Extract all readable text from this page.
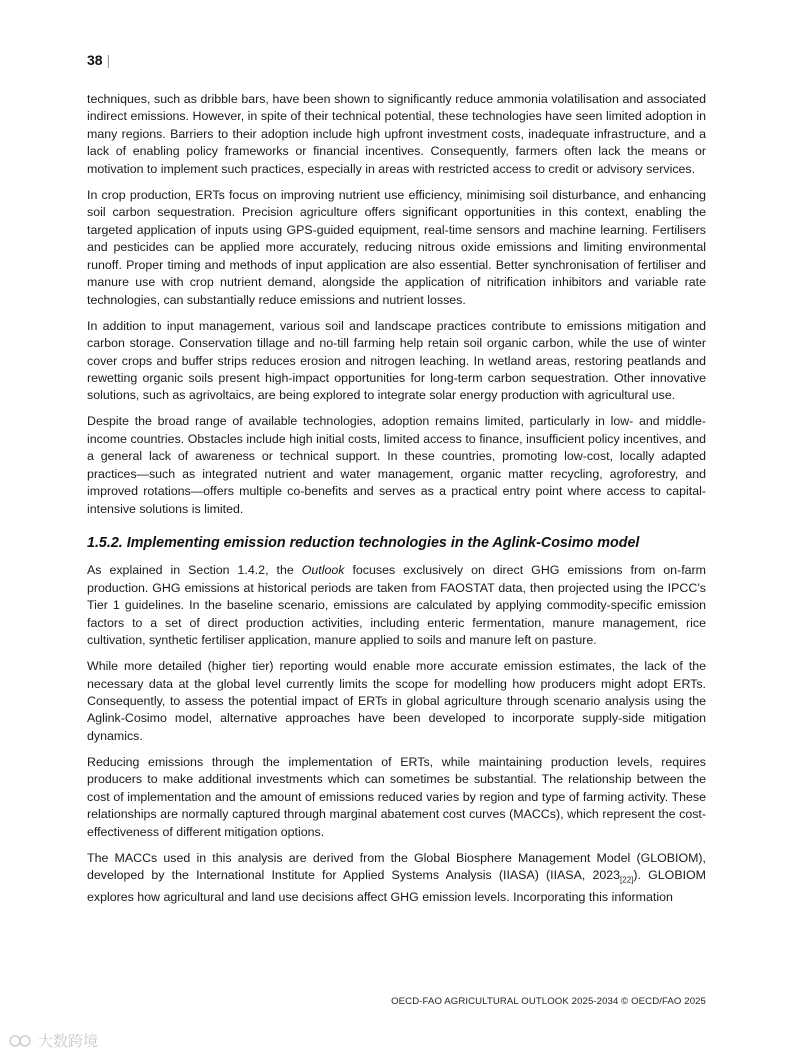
38 |

techniques, such as dribble bars, have been shown to significantly reduce ammonia volatilisation and associated indirect emissions. However, in spite of their technical potential, these technologies have seen limited adoption in many regions. Barriers to their adoption include high upfront investment costs, inadequate infrastructure, and a lack of enabling policy frameworks or financial incentives. Consequently, farmers often lack the means or motivation to implement such practices, especially in areas with restricted access to credit or advisory services.

In crop production, ERTs focus on improving nutrient use efficiency, minimising soil disturbance, and enhancing soil carbon sequestration. Precision agriculture offers significant opportunities in this context, enabling the targeted application of inputs using GPS-guided equipment, real-time sensors and machine learning. Fertilisers and pesticides can be applied more accurately, reducing nitrous oxide emissions and limiting environmental runoff. Proper timing and methods of input application are also essential. Better synchronisation of fertiliser and manure use with crop nutrient demand, alongside the application of nitrification inhibitors and variable rate technologies, can substantially reduce emissions and nutrient losses.

In addition to input management, various soil and landscape practices contribute to emissions mitigation and carbon storage. Conservation tillage and no-till farming help retain soil organic carbon, while the use of winter cover crops and buffer strips reduces erosion and nitrogen leaching. In wetland areas, restoring peatlands and rewetting organic soils present high-impact opportunities for long-term carbon sequestration. Other innovative solutions, such as agrivoltaics, are being explored to integrate solar energy production with agricultural use.

Despite the broad range of available technologies, adoption remains limited, particularly in low- and middle-income countries. Obstacles include high initial costs, limited access to finance, insufficient policy incentives, and a general lack of awareness or technical support. In these countries, promoting low-cost, locally adapted practices—such as integrated nutrient and water management, organic matter recycling, agroforestry, and improved rotations—offers multiple co-benefits and serves as a practical entry point where access to capital-intensive solutions is limited.

1.5.2. Implementing emission reduction technologies in the Aglink-Cosimo model

As explained in Section 1.4.2, the Outlook focuses exclusively on direct GHG emissions from on-farm production. GHG emissions at historical periods are taken from FAOSTAT data, then projected using the IPCC’s Tier 1 guidelines. In the baseline scenario, emissions are calculated by applying commodity-specific emission factors to a set of direct production activities, including enteric fermentation, manure management, rice cultivation, synthetic fertiliser application, manure applied to soils and manure left on pasture.

While more detailed (higher tier) reporting would enable more accurate emission estimates, the lack of the necessary data at the global level currently limits the scope for modelling how producers might adopt ERTs. Consequently, to assess the potential impact of ERTs in global agriculture through scenario analysis using the Aglink-Cosimo model, alternative approaches have been developed to incorporate supply-side mitigation dynamics.

Reducing emissions through the implementation of ERTs, while maintaining production levels, requires producers to make additional investments which can sometimes be substantial. The relationship between the cost of implementation and the amount of emissions reduced varies by region and type of farming activity. These relationships are normally captured through marginal abatement cost curves (MACCs), which represent the cost-effectiveness of different mitigation options.

The MACCs used in this analysis are derived from the Global Biosphere Management Model (GLOBIOM), developed by the International Institute for Applied Systems Analysis (IIASA) (IIASA, $2023_{[22]}$). GLOBIOM explores how agricultural and land use decisions affect GHG emission levels. Incorporating this information

OECD-FAO AGRICULTURAL OUTLOOK 2025-2034 © OECD/FAO 2025
大数跨境
